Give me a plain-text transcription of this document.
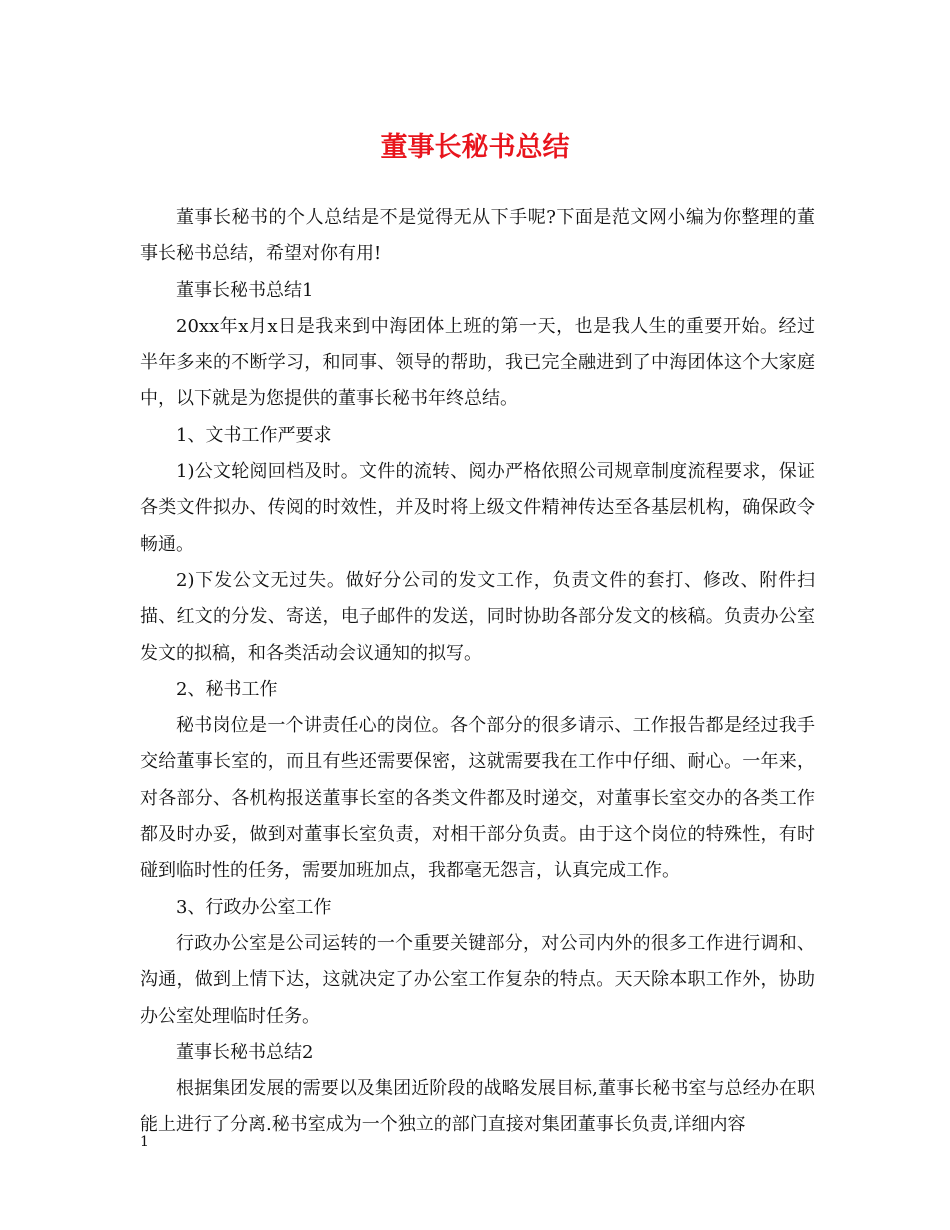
董事长秘书总结

董事长秘书的个人总结是不是觉得无从下手呢?下面是范文网小编为你整理的董事长秘书总结，希望对你有用!

董事长秘书总结1

20xx年x月x日是我来到中海团体上班的第一天，也是我人生的重要开始。经过半年多来的不断学习，和同事、领导的帮助，我已完全融进到了中海团体这个大家庭中，以下就是为您提供的董事长秘书年终总结。

1、文书工作严要求

1)公文轮阅回档及时。文件的流转、阅办严格依照公司规章制度流程要求，保证各类文件拟办、传阅的时效性，并及时将上级文件精神传达至各基层机构，确保政令畅通。

2)下发公文无过失。做好分公司的发文工作，负责文件的套打、修改、附件扫描、红文的分发、寄送，电子邮件的发送，同时协助各部分发文的核稿。负责办公室发文的拟稿，和各类活动会议通知的拟写。

2、秘书工作

秘书岗位是一个讲责任心的岗位。各个部分的很多请示、工作报告都是经过我手交给董事长室的，而且有些还需要保密，这就需要我在工作中仔细、耐心。一年来，对各部分、各机构报送董事长室的各类文件都及时递交，对董事长室交办的各类工作都及时办妥，做到对董事长室负责，对相干部分负责。由于这个岗位的特殊性，有时碰到临时性的任务，需要加班加点，我都毫无怨言，认真完成工作。

3、行政办公室工作

行政办公室是公司运转的一个重要关键部分，对公司内外的很多工作进行调和、沟通，做到上情下达，这就决定了办公室工作复杂的特点。天天除本职工作外，协助办公室处理临时任务。

董事长秘书总结2

根据集团发展的需要以及集团近阶段的战略发展目标,董事长秘书室与总经办在职能上进行了分离.秘书室成为一个独立的部门直接对集团董事长负责,详细内容

1
